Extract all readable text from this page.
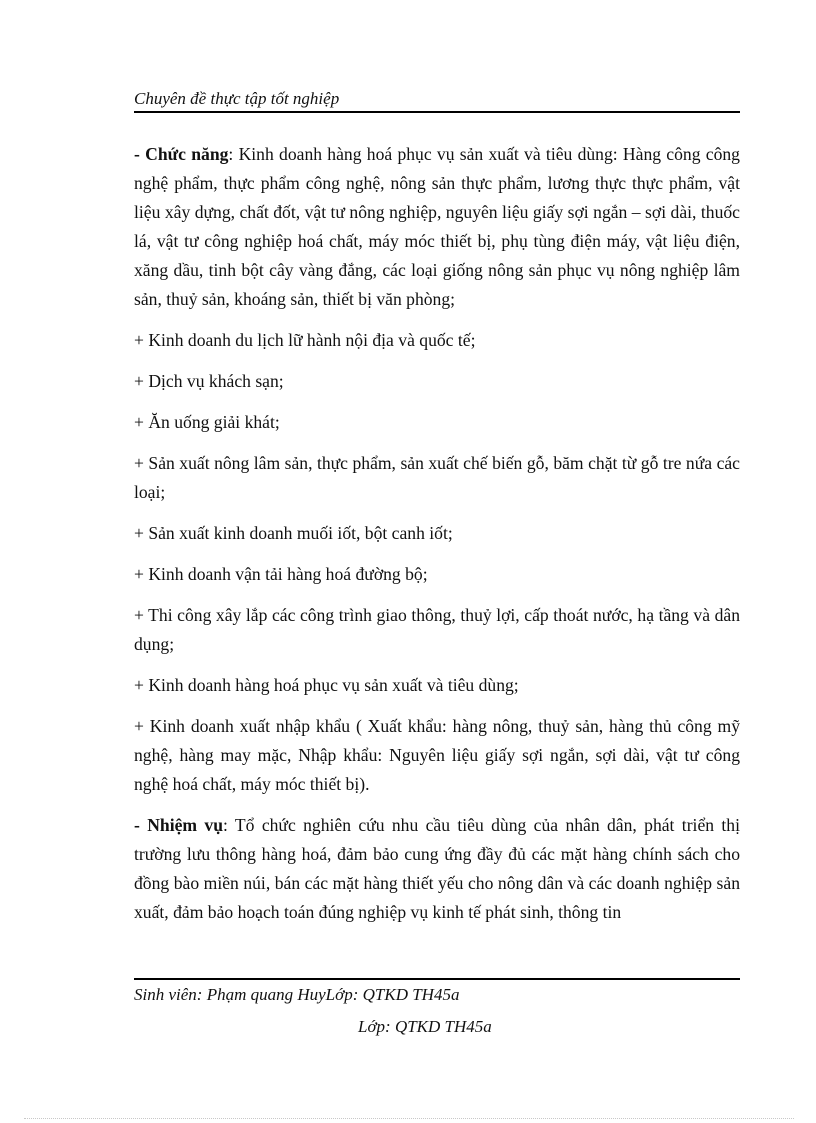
Chuyên đề thực tập tốt nghiệp

- Chức năng: Kinh doanh hàng hoá phục vụ sản xuất và tiêu dùng: Hàng công công nghệ phẩm, thực phẩm công nghệ, nông sản thực phẩm, lương thực thực phẩm, vật liệu xây dựng, chất đốt, vật tư nông nghiệp, nguyên liệu giấy sợi ngắn – sợi dài, thuốc lá, vật tư công nghiệp hoá chất, máy móc thiết bị, phụ tùng điện máy, vật liệu điện, xăng dầu, tinh bột cây vàng đắng, các loại giống nông sản phục vụ nông nghiệp lâm sản, thuỷ sản, khoáng sản, thiết bị văn phòng;

+ Kinh doanh du lịch lữ hành nội địa và quốc tế;

+ Dịch vụ khách sạn;

+ Ăn uống giải khát;

+ Sản xuất nông lâm sản, thực phẩm, sản xuất chế biến gỗ, băm chặt từ gỗ tre nứa các loại;

+ Sản xuất kinh doanh muối iốt, bột canh iốt;

+ Kinh doanh vận tải hàng hoá đường bộ;

+ Thi công xây lắp các công trình giao thông, thuỷ lợi, cấp thoát nước, hạ tầng và dân dụng;

+ Kinh doanh hàng hoá phục vụ sản xuất và tiêu dùng;

+ Kinh doanh xuất nhập khẩu ( Xuất khẩu: hàng nông, thuỷ sản, hàng thủ công mỹ nghệ, hàng may mặc, Nhập khẩu: Nguyên liệu giấy sợi ngắn, sợi dài, vật tư công nghệ hoá chất, máy móc thiết bị).

- Nhiệm vụ: Tổ chức nghiên cứu nhu cầu tiêu dùng của nhân dân, phát triển thị trường lưu thông hàng hoá, đảm bảo cung ứng đầy đủ các mặt hàng chính sách cho đồng bào miền núi, bán các mặt hàng thiết yếu cho nông dân và các doanh nghiệp sản xuất, đảm bảo hoạch toán đúng nghiệp vụ kinh tế phát sinh, thông tin

Sinh viên: Phạm quang HuyLớp: QTKD TH45a
Lớp: QTKD TH45a
